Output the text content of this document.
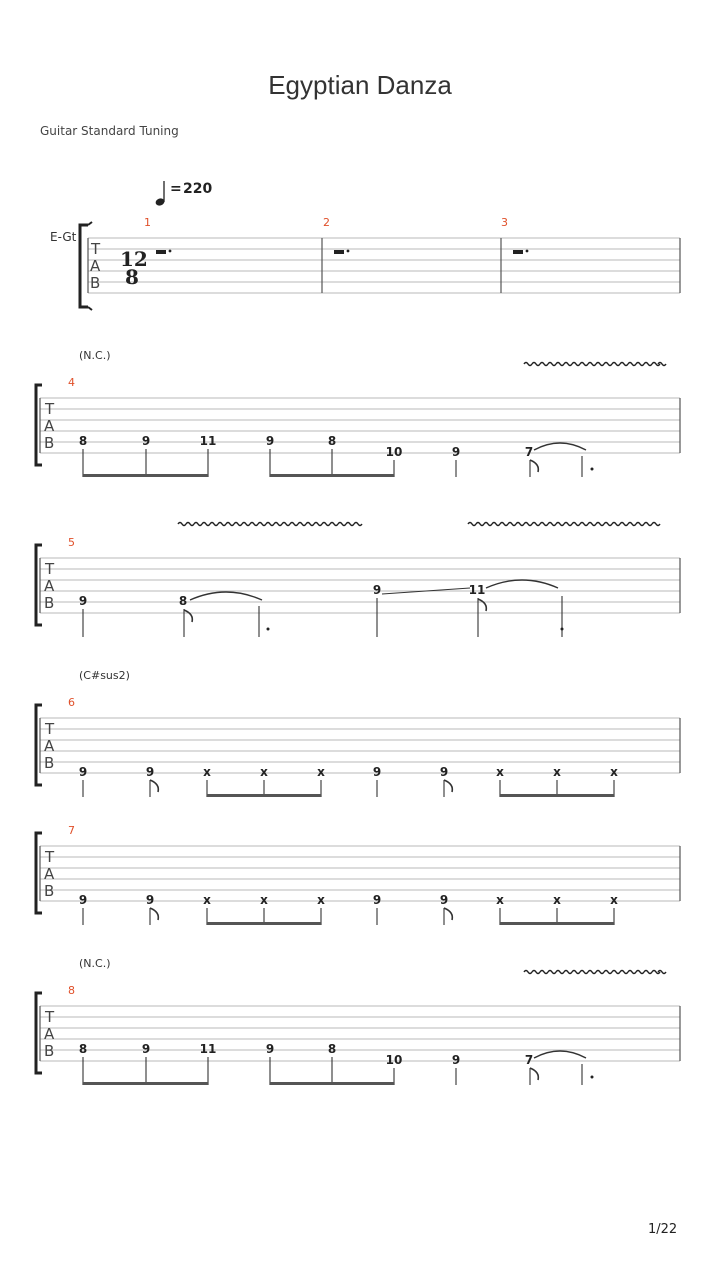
Egyptian Danza
Guitar Standard Tuning
1/22
= 220
E-Gt
T
A
B
12
8
1	2	3
(N.C.)
4
T
A
B 8	9	11	9	8
10	9	7
5
T
A
B 9	8
9	11
(C#sus2)
6
T
A
B 9	9	x	x	x	9	9	x	x	x
7
T
A
B 9	9	x	x	x	9	9	x	x	x
(N.C.)
8
T
A
B 8	9	11	9	8
10	9	7
